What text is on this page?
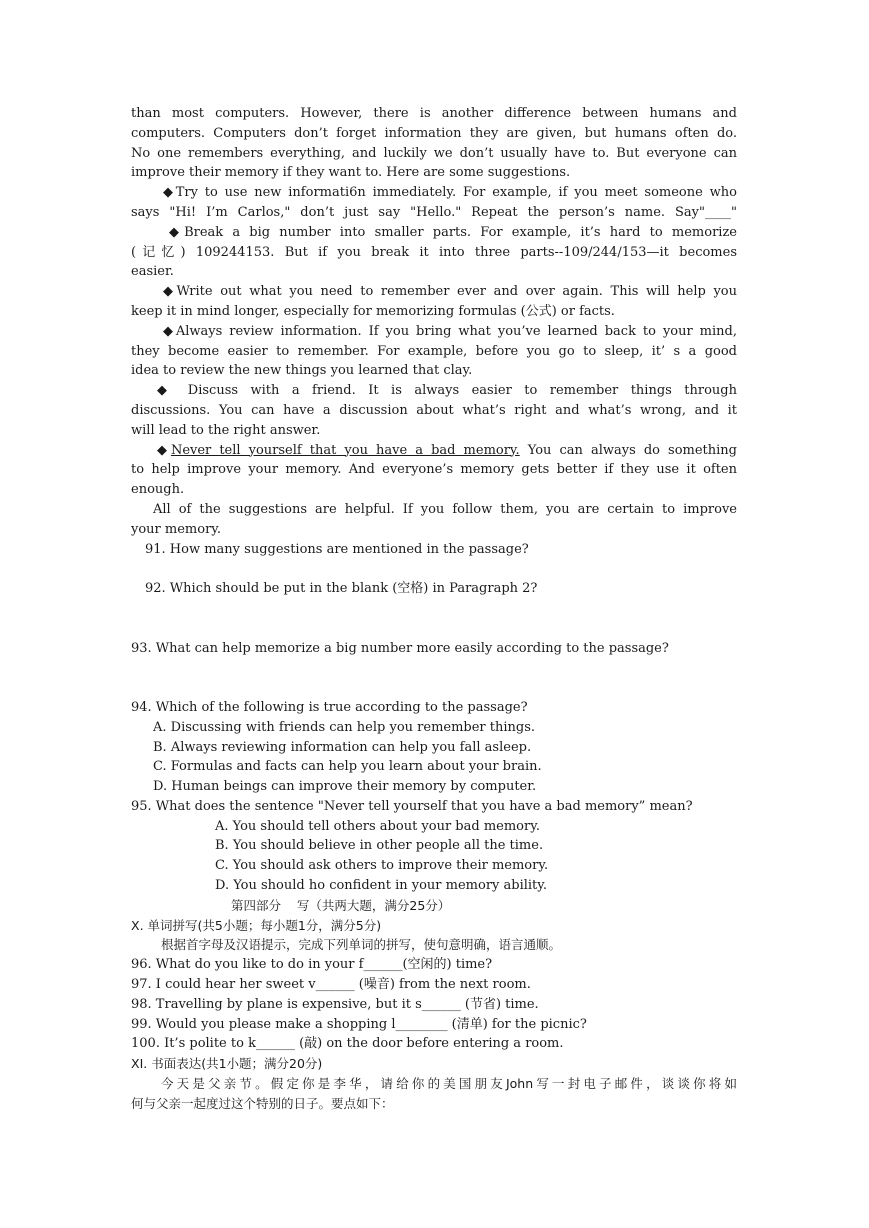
than most computers. However, there is another difference between humans and
computers. Computers don’t forget information they are given, but humans often do.
No one remembers everything, and luckily we don’t usually have to. But everyone can
improve their memory if they want to. Here are some suggestions.
◆Try to use new informati6n immediately. For example, if you meet someone who
says "Hi! I’m Carlos," don’t just say "Hello." Repeat the person’s name. Say"____"
◆Break a big number into smaller parts. For example, it’s hard to memorize
(记忆) 109244153. But if you break it into three parts--109/244/153—it becomes
easier.
◆Write out what you need to remember ever and over again. This will help you
keep it in mind longer, especially for memorizing formulas (公式) or facts.
◆Always review information. If you bring what you’ve learned back to your mind,
they become easier to remember. For example, before you go to sleep, it’ s a good
idea to review the new things you learned that clay.
◆ Discuss with a friend. It is always easier to remember things through
discussions. You can have a discussion about what’s right and what’s wrong, and it
will lead to the right answer.
◆Never tell yourself that you have a bad memory. You can always do something
to help improve your memory. And everyone’s memory gets better if they use it often
enough.
All of the suggestions are helpful. If you follow them, you are certain to improve
your memory.
91. How many suggestions are mentioned in the passage?

92. Which should be put in the blank (空格) in Paragraph 2?

93. What can help memorize a big number more easily according to the passage?

94. Which of the following is true according to the passage?
A. Discussing with friends can help you remember things.
B. Always reviewing information can help you fall asleep.
C. Formulas and facts can help you learn about your brain.
D. Human beings can improve their memory by computer.
95. What does the sentence "Never tell yourself that you have a bad memory” mean?
A. You should tell others about your bad memory.
B. You should believe in other people all the time.
C. You should ask others to improve their memory.
D. You should ho confident in your memory ability.
第四部分    写（共两大题，满分25分）
X. 单词拼写(共5小题；每小题1分，满分5分)
根据首字母及汉语提示，完成下列单词的拼写，使句意明确，语言通顺。
96. What do you like to do in your f______(空闲的) time?
97. I could hear her sweet v______ (噪音) from the next room.
98. Travelling by plane is expensive, but it s______ (节省) time.
99. Would you please make a shopping l________ (清单) for the picnic?
100. It’s polite to k______ (敲) on the door before entering a room.
XI. 书面表达(共1小题；满分20分)
今天是父亲节。假定你是李华，请给你的美国朋友John写一封电子邮件，谈谈你将如
何与父亲一起度过这个特别的日子。要点如下：
